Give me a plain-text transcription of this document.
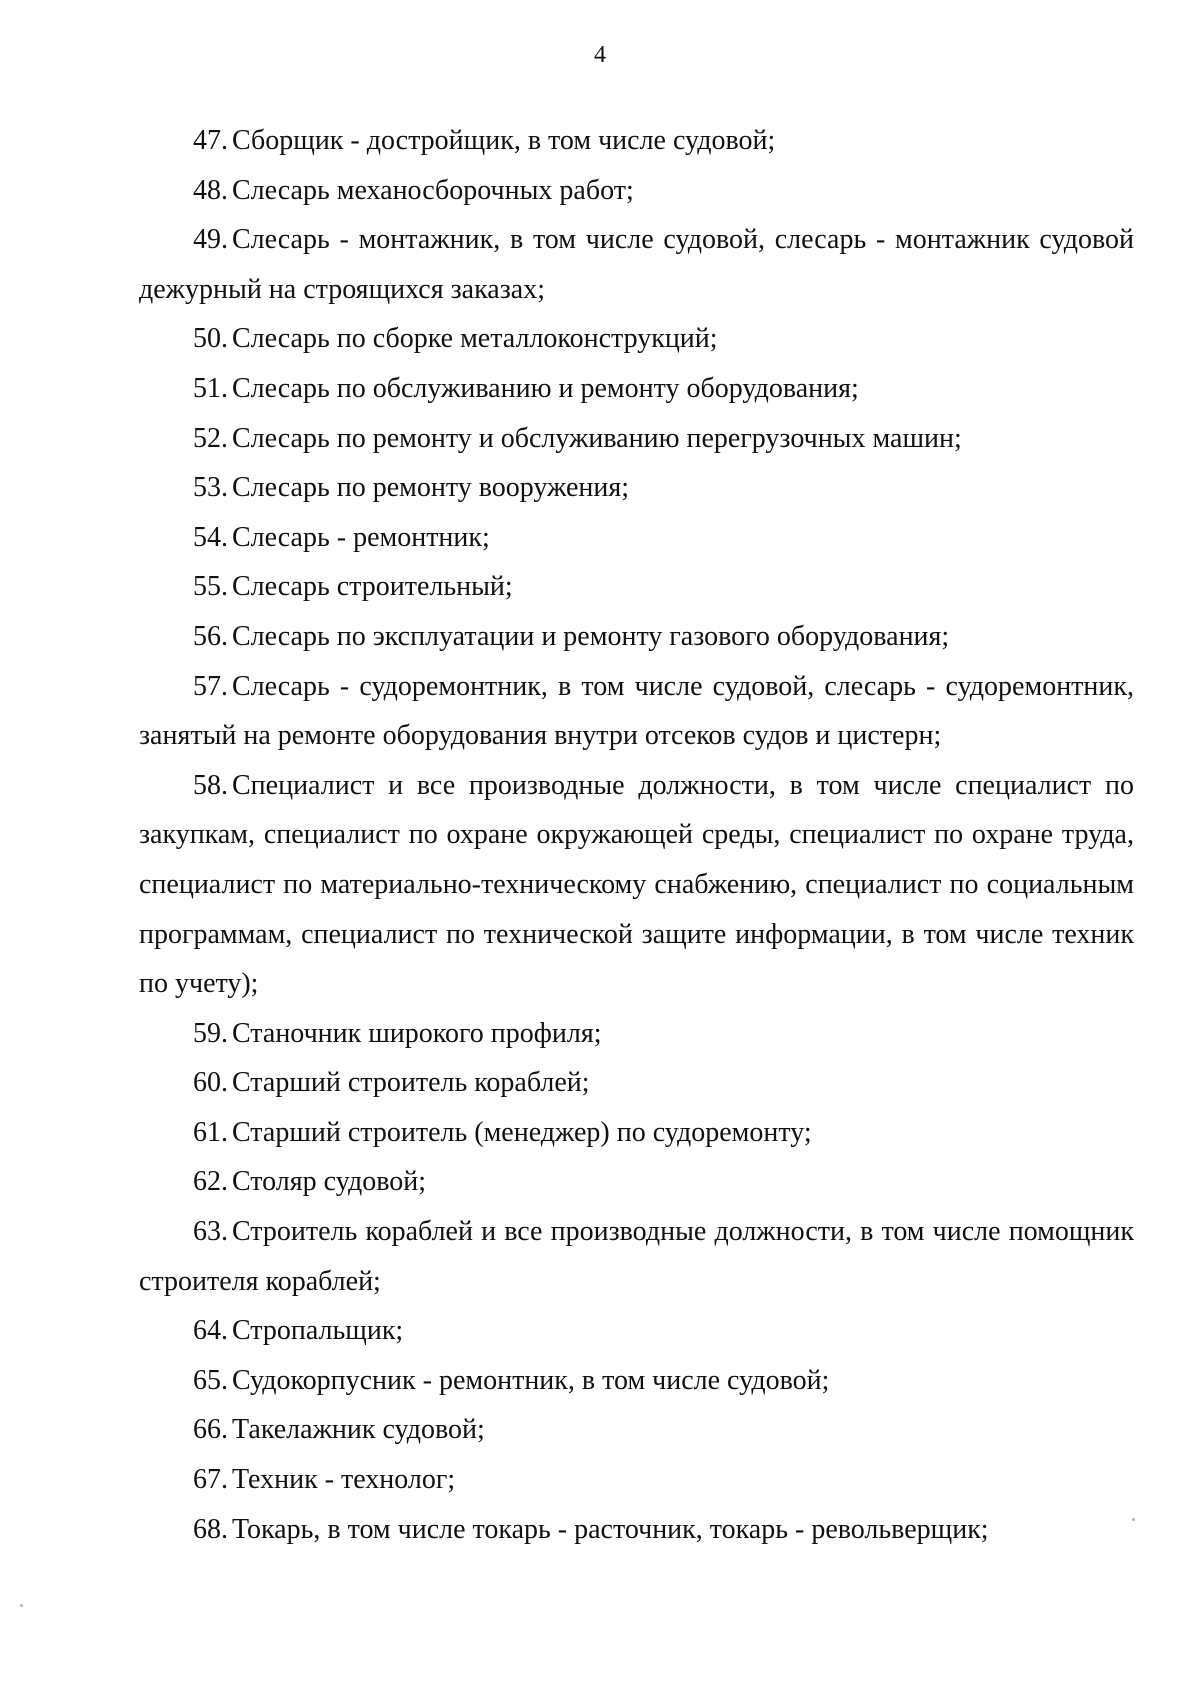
4

47. Сборщик - достройщик, в том числе судовой;

48. Слесарь механосборочных работ;

49. Слесарь - монтажник, в том числе судовой, слесарь - монтажник судовой дежурный на строящихся заказах;

50. Слесарь по сборке металлоконструкций;

51. Слесарь по обслуживанию и ремонту оборудования;

52. Слесарь по ремонту и обслуживанию перегрузочных машин;

53. Слесарь по ремонту вооружения;

54. Слесарь - ремонтник;

55. Слесарь строительный;

56. Слесарь по эксплуатации и ремонту газового оборудования;

57. Слесарь - судоремонтник, в том числе судовой, слесарь - судоремонтник, занятый на ремонте оборудования внутри отсеков судов и цистерн;

58. Специалист и все производные должности, в том числе специалист по закупкам, специалист по охране окружающей среды, специалист по охране труда, специалист по материально-техническому снабжению, специалист по социальным программам, специалист по технической защите информации, в том числе техник по учету);

59. Станочник широкого профиля;

60. Старший строитель кораблей;

61. Старший строитель (менеджер) по судоремонту;

62. Столяр судовой;

63. Строитель кораблей и все производные должности, в том числе помощник строителя кораблей;

64. Стропальщик;

65. Судокорпусник - ремонтник, в том числе судовой;

66. Такелажник судовой;

67. Техник - технолог;

68. Токарь, в том числе токарь - расточник, токарь - револьверщик;
